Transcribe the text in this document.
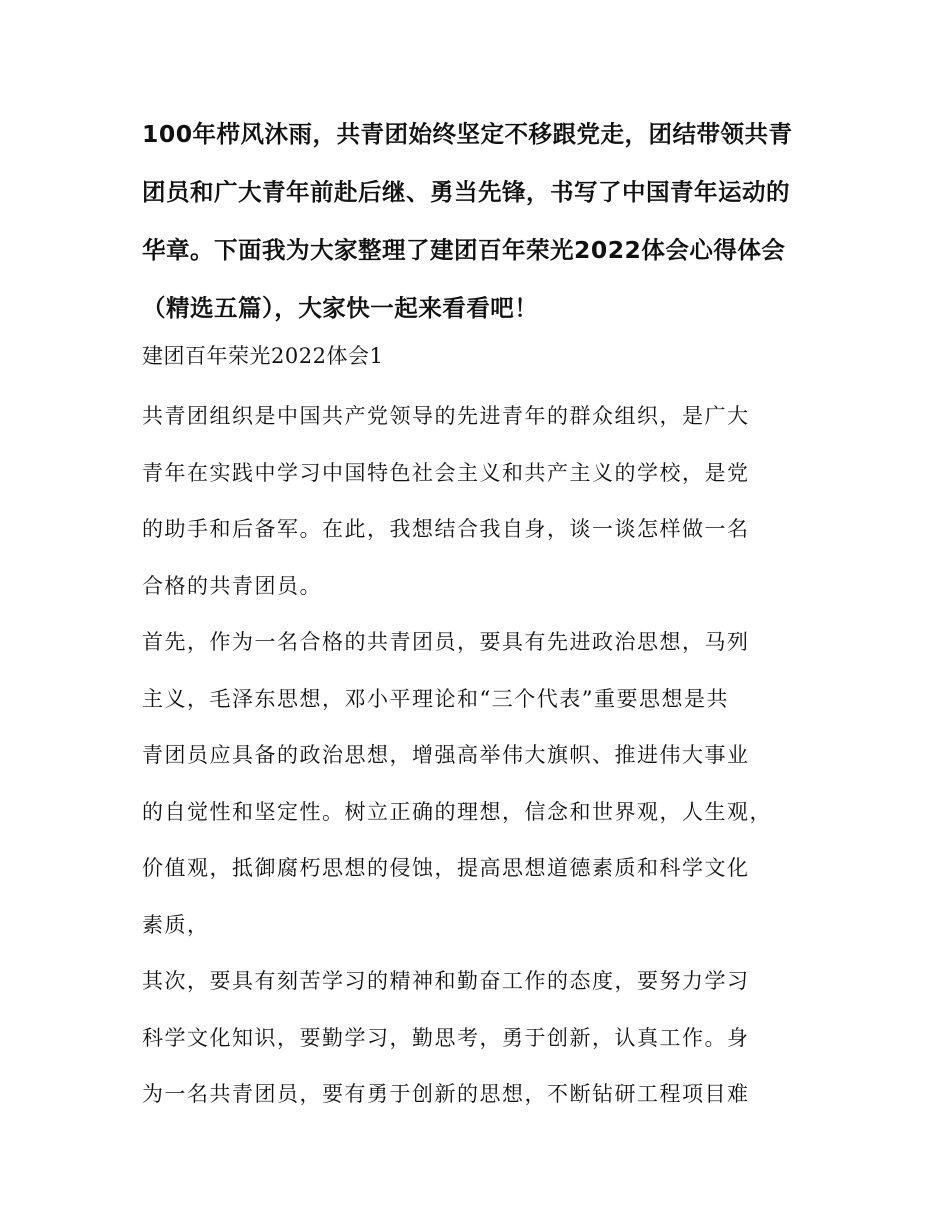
100年栉风沐雨，共青团始终坚定不移跟党走，团结带领共青
团员和广大青年前赴后继、勇当先锋，书写了中国青年运动的
华章。下面我为大家整理了建团百年荣光2022体会心得体会
（精选五篇），大家快一起来看看吧！
建团百年荣光2022体会1
共青团组织是中国共产党领导的先进青年的群众组织，是广大
青年在实践中学习中国特色社会主义和共产主义的学校，是党
的助手和后备军。在此，我想结合我自身，谈一谈怎样做一名
合格的共青团员。
首先，作为一名合格的共青团员，要具有先进政治思想，马列
主义，毛泽东思想，邓小平理论和“三个代表”重要思想是共
青团员应具备的政治思想，增强高举伟大旗帜、推进伟大事业
的自觉性和坚定性。树立正确的理想，信念和世界观，人生观，
价值观，抵御腐朽思想的侵蚀，提高思想道德素质和科学文化
素质，
其次，要具有刻苦学习的精神和勤奋工作的态度，要努力学习
科学文化知识，要勤学习，勤思考，勇于创新，认真工作。身
为一名共青团员，要有勇于创新的思想，不断钻研工程项目难
